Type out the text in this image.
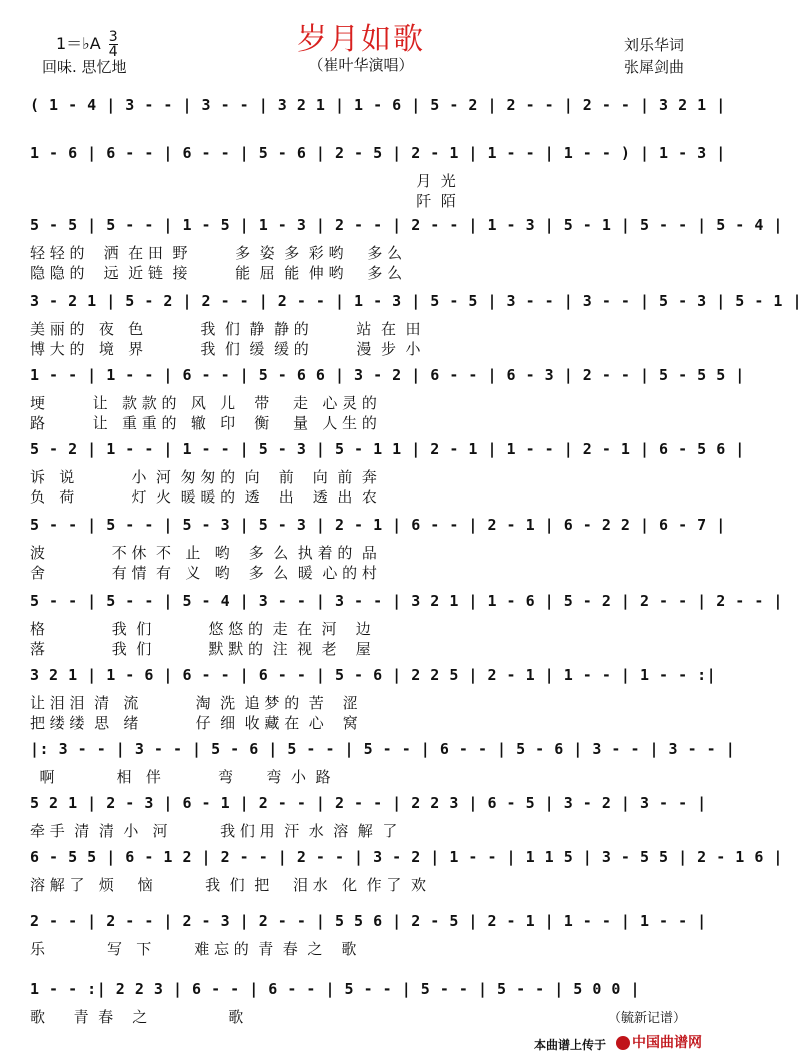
岁月如歌
（崔叶华演唱）
1＝♭A $\frac{3}{4}$
回味. 思忆地
刘乐华词
张犀剑曲
( 1 - 4 | 3 - - | 3 - - | 3 2 1 | 1 - 6 | 5 - 2 | 2 - - | 2 - - | 3 2 1 |
1 - 6 | 6 - - | 6 - - | 5 - 6 | 2 - 5 | 2 - 1 | 1 - - | 1 - - ) | 1 - 3 |
月  光
阡  陌
5 - 5 | 5 - - | 1 - 5 | 1 - 3 | 2 - - | 2 - - | 1 - 3 | 5 - 1 | 5 - - | 5 - 4 |
轻 轻 的    洒  在 田  野          多  姿  多  彩 哟     多 么
隐 隐 的    远  近 链  接          能  屈  能  伸 哟     多 么
3 - 2 1 | 5 - 2 | 2 - - | 2 - - | 1 - 3 | 5 - 5 | 3 - - | 3 - - | 5 - 3 | 5 - 1 |
美 丽 的   夜   色            我  们  静  静 的          站  在  田
博 大 的   境   界            我  们  缓  缓 的          漫  步  小
1 - - | 1 - - | 6 - - | 5 - 6 6 | 3 - 2 | 6 - - | 6 - 3 | 2 - - | 5 - 5 5 |
埂          让   款 款 的   风   儿    带     走   心 灵 的
路          让   重 重 的   辙   印    衡     量   人 生 的
5 - 2 | 1 - - | 1 - - | 5 - 3 | 5 - 1 1 | 2 - 1 | 1 - - | 2 - 1 | 6 - 5 6 |
诉   说            小  河  匆 匆 的  向    前    向  前  奔
负   荷            灯  火  暖 暖 的  透    出    透  出  农
5 - - | 5 - - | 5 - 3 | 5 - 3 | 2 - 1 | 6 - - | 2 - 1 | 6 - 2 2 | 6 - 7 |
波              不 休  不   止   哟    多  么  执 着 的  品
舍              有 情  有   义   哟    多  么  暖  心 的 村
5 - - | 5 - - | 5 - 4 | 3 - - | 3 - - | 3 2 1 | 1 - 6 | 5 - 2 | 2 - - | 2 - - |
格              我  们            悠 悠 的  走  在  河    边
落              我  们            默 默 的  注  视  老    屋
3 2 1 | 1 - 6 | 6 - - | 6 - - | 5 - 6 | 2 2 5 | 2 - 1 | 1 - - | 1 - - :|
让 泪 泪  清   流            淘  洗  追 梦 的  苦    涩
把 缕 缕  思   绪            仔  细  收 藏 在  心    窝
|: 3 - - | 3 - - | 5 - 6 | 5 - - | 5 - - | 6 - - | 5 - 6 | 3 - - | 3 - - |
啊             相   伴            弯       弯  小  路
5 2 1 | 2 - 3 | 6 - 1 | 2 - - | 2 - - | 2 2 3 | 6 - 5 | 3 - 2 | 3 - - |
牵 手  清  清  小   河           我 们 用  汗  水  溶  解  了
6 - 5 5 | 6 - 1 2 | 2 - - | 2 - - | 3 - 2 | 1 - - | 1 1 5 | 3 - 5 5 | 2 - 1 6 |
溶 解 了   烦     恼           我  们  把     泪 水   化  作 了  欢
2 - - | 2 - - | 2 - 3 | 2 - - | 5 5 6 | 2 - 5 | 2 - 1 | 1 - - | 1 - - |
乐             写   下         难 忘 的  青  春  之    歌
1 - - :| 2 2 3 | 6 - - | 6 - - | 5 - - | 5 - - | 5 - - | 5 0 0 |
歌      青  春    之                 歌	（毓新记谱）
本曲谱上传于	中国曲谱网
